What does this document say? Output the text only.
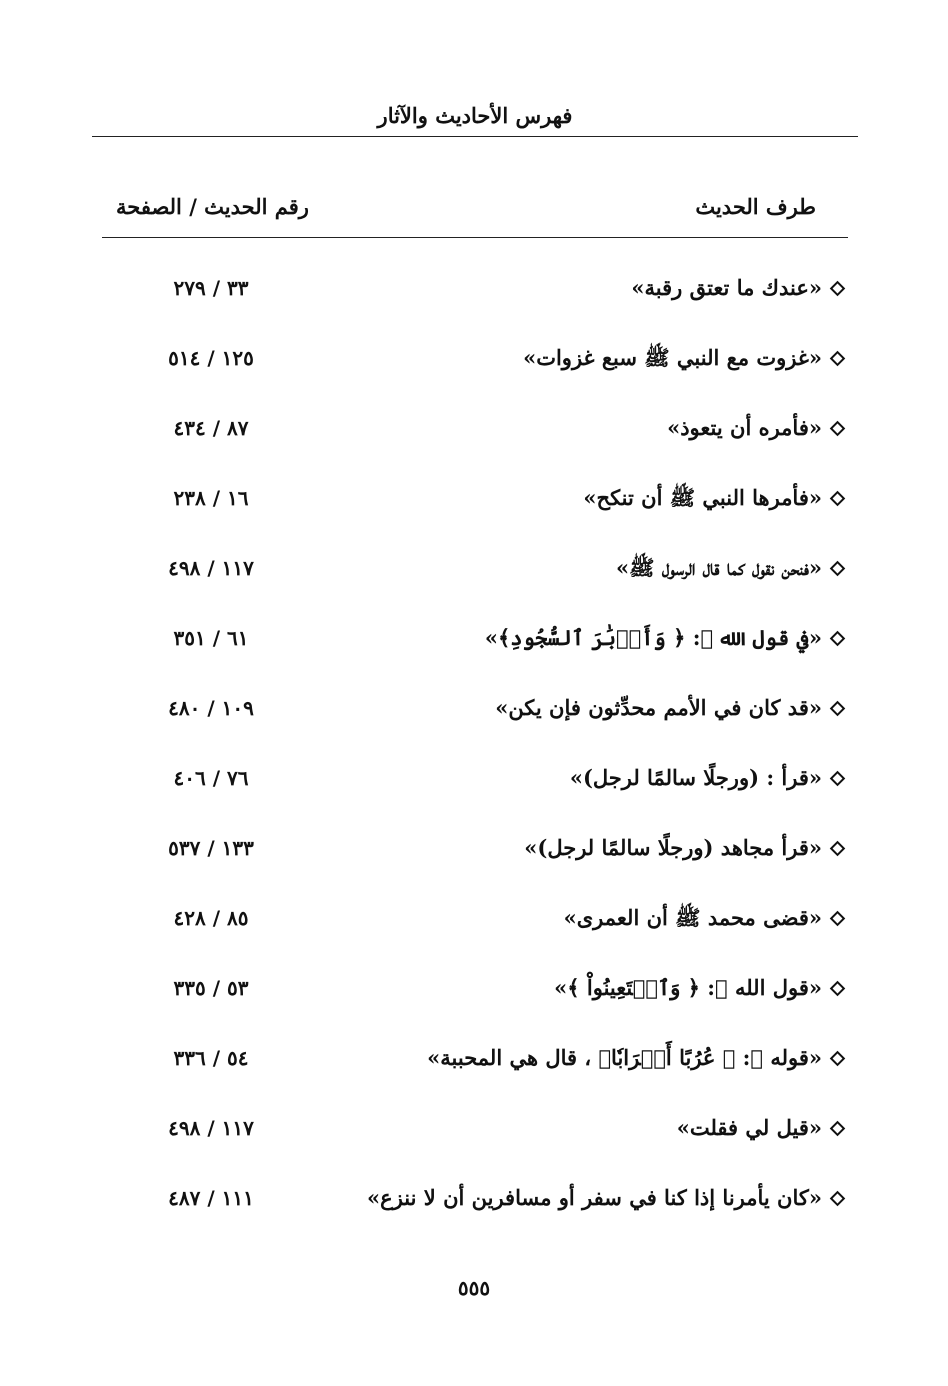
فهرس الأحاديث والآثار
طرف الحديث
رقم الحديث / الصفحة
«عندك ما تعتق رقبة»
٣٣ / ٢٧٩
«غزوت مع النبي ﷺ سبع غزوات»
١٢٥ / ٥١٤
«فأمره أن يتعوذ»
٨٧ / ٤٣٤
«فأمرها النبي ﷺ أن تنكح»
١٦ / ٢٣٨
«فنحن نقول كما قال الرسول ﷺ»
١١٧ / ٤٩٨
«في قول الله ﷻ: ﴿ وَأَدۡبَٰرَ ٱلسُّجُودِ﴾»
٦١ / ٣٥١
«قد كان في الأمم محدِّثون فإن يكن»
١٠٩ / ٤٨٠
«قرأ : (ورجلًا سالمًا لرجل)»
٧٦ / ٤٠٦
«قرأ مجاهد (ورجلًا سالمًا لرجل)»
١٣٣ / ٥٣٧
«قضى محمد ﷺ أن العمرى»
٨٥ / ٤٢٨
«قول الله ﷻ: ﴿ وَٱسۡتَعِينُواْ ﴾»
٥٣ / ٣٣٥
«قوله ﷻ: ﴿ عُرُبًا أَتۡرَابٗا﴾ ، قال هي المحببة»
٥٤ / ٣٣٦
«قيل لي فقلت»
١١٧ / ٤٩٨
«كان يأمرنا إذا كنا في سفر أو مسافرين أن لا ننزع»
١١١ / ٤٨٧
٥٥٥
